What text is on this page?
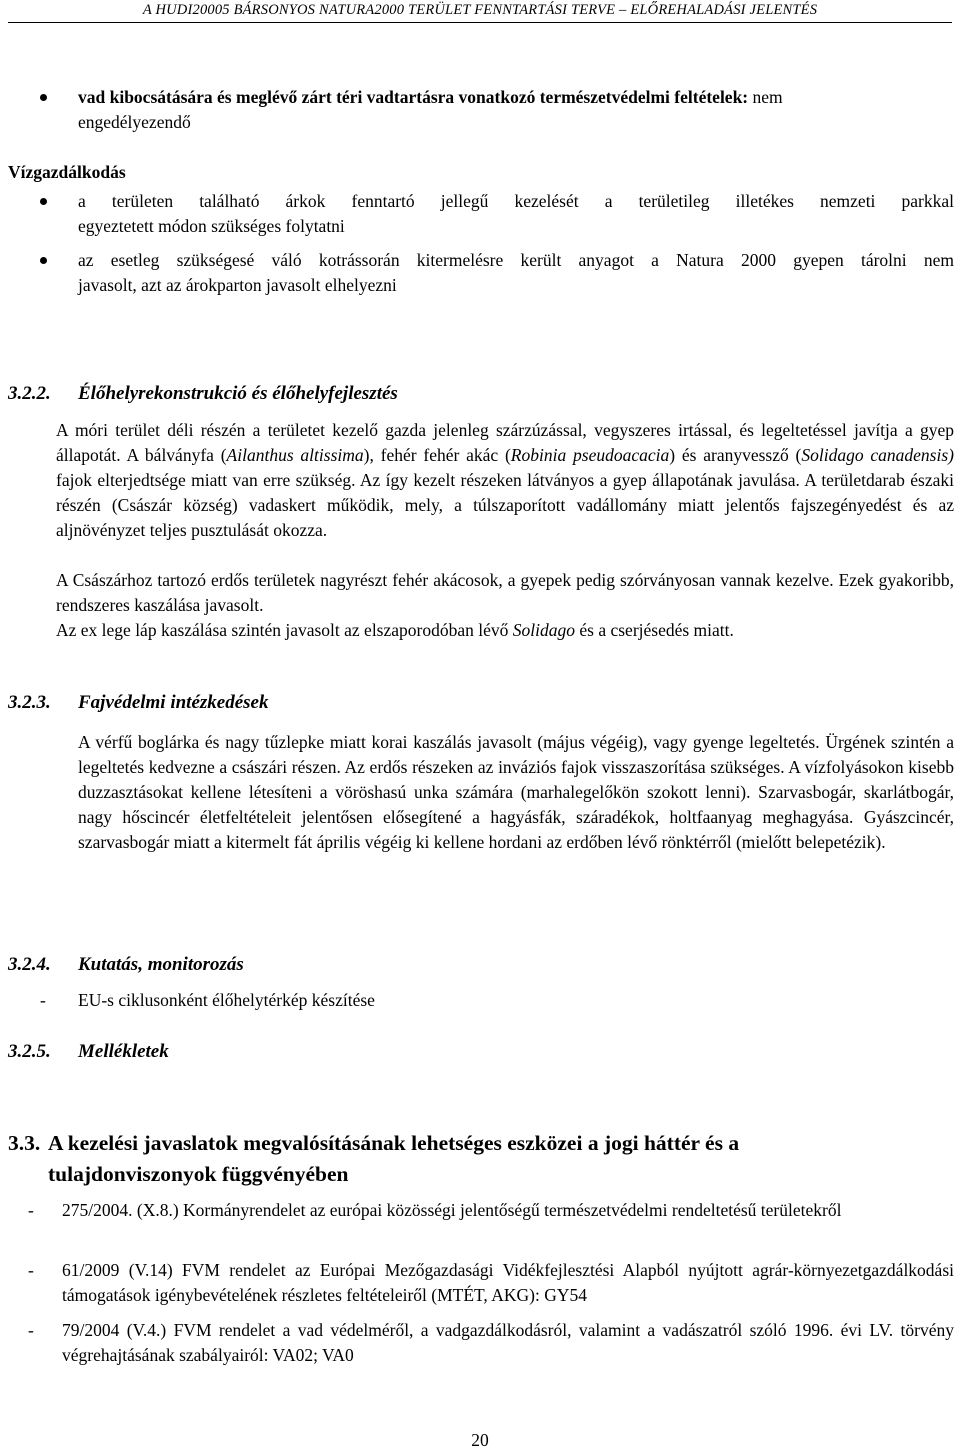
A HUDI20005 BÁRSONYOS NATURA2000 TERÜLET FENNTARTÁSI TERVE – ELŐREHALADÁSI JELENTÉS
vad kibocsátására és meglévő zárt téri vadtartásra vonatkozó természetvédelmi feltételek: nem
engedélyezendő
Vízgazdálkodás
a területen található árkok fenntartó jellegű kezelését a területileg illetékes nemzeti parkkal
egyeztetett módon szükséges folytatni
az esetleg szükségesé váló kotrássorán kitermelésre került anyagot a Natura 2000 gyepen tárolni nem
javasolt, azt az árokparton javasolt elhelyezni
3.2.2. Élőhelyrekonstrukció és élőhelyfejlesztés
A móri terület déli részén a területet kezelő gazda jelenleg szárzúzással, vegyszeres irtással, és legeltetéssel javítja a gyep állapotát. A bálványfa (Ailanthus altissima), fehér fehér akác (Robinia pseudoacacia) és aranyvessző (Solidago canadensis) fajok elterjedtsége miatt van erre szükség. Az így kezelt részeken látványos a gyep állapotának javulása. A területdarab északi részén (Császár község) vadaskert működik, mely, a túlszaporított vadállomány miatt jelentős fajszegényedést és az aljnövényzet teljes pusztulását okozza.
A Császárhoz tartozó erdős területek nagyrészt fehér akácosok, a gyepek pedig szórványosan vannak kezelve. Ezek gyakoribb, rendszeres kaszálása javasolt.
Az ex lege láp kaszálása szintén javasolt az elszaporodóban lévő Solidago és a cserjésedés miatt.
3.2.3. Fajvédelmi intézkedések
A vérfű boglárka és nagy tűzlepke miatt korai kaszálás javasolt (május végéig), vagy gyenge legeltetés. Ürgének szintén a legeltetés kedvezne a császári részen. Az erdős részeken az inváziós fajok visszaszorítása szükséges. A vízfolyásokon kisebb duzzasztásokat kellene létesíteni a vöröshasú unka számára (marhalegelőkön szokott lenni). Szarvasbogár, skarlátbogár, nagy hőscincér életfeltételeit jelentősen elősegítené a hagyásfák, száradékok, holtfaanyag meghagyása. Gyászcincér, szarvasbogár miatt a kitermelt fát április végéig ki kellene hordani az erdőben lévő rönktérről (mielőtt belepetézik).
3.2.4. Kutatás, monitorozás
- EU-s ciklusonként élőhelytérkép készítése
3.2.5. Mellékletek
3.3. A kezelési javaslatok megvalósításának lehetséges eszközei a jogi háttér és a
tulajdonviszonyok függvényében
- 275/2004. (X.8.) Kormányrendelet az európai közösségi jelentőségű természetvédelmi rendeltetésű területekről
- 61/2009 (V.14) FVM rendelet az Európai Mezőgazdasági Vidékfejlesztési Alapból nyújtott agrár-környezetgazdálkodási támogatások igénybevételének részletes feltételeiről (MTÉT, AKG): GY54
- 79/2004 (V.4.) FVM rendelet a vad védelméről, a vadgazdálkodásról, valamint a vadászatról szóló 1996. évi LV. törvény végrehajtásának szabályairól: VA02; VA0
20
